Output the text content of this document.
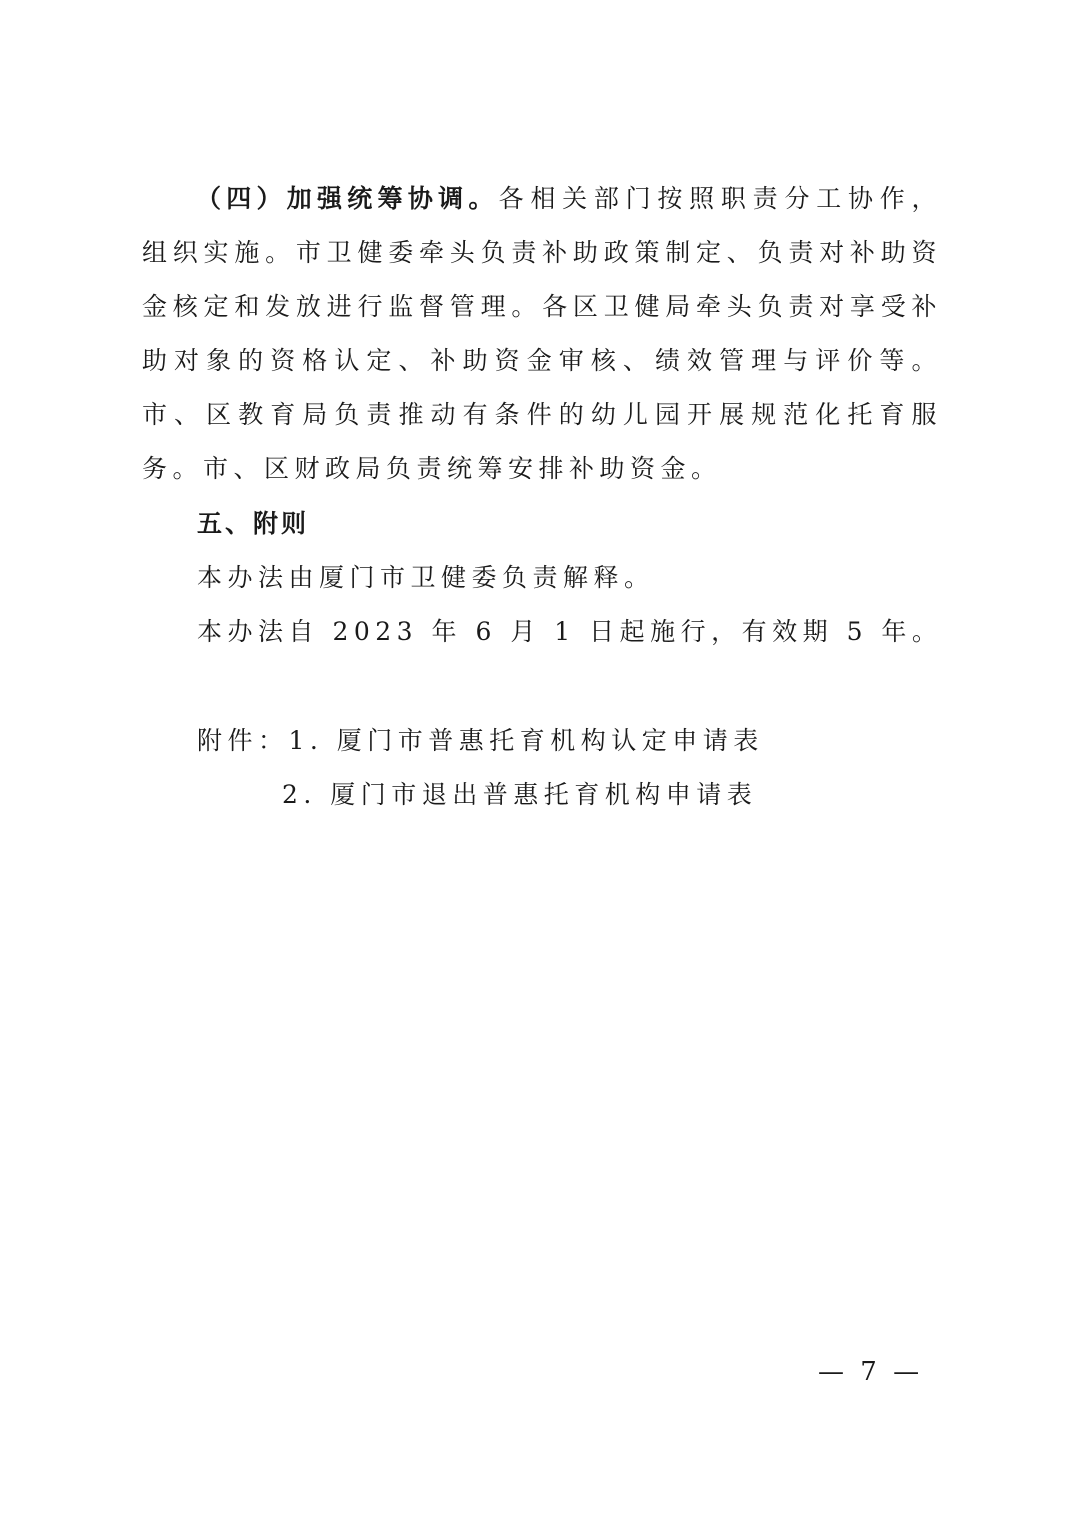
（四）加强统筹协调。各相关部门按照职责分工协作，组织实施。市卫健委牵头负责补助政策制定、负责对补助资金核定和发放进行监督管理。各区卫健局牵头负责对享受补助对象的资格认定、补助资金审核、绩效管理与评价等。市、区教育局负责推动有条件的幼儿园开展规范化托育服务。市、区财政局负责统筹安排补助资金。

五、附则

本办法由厦门市卫健委负责解释。

本办法自 2023 年 6 月 1 日起施行，有效期 5 年。

附件：1. 厦门市普惠托育机构认定申请表

2. 厦门市退出普惠托育机构申请表

— 7 —
